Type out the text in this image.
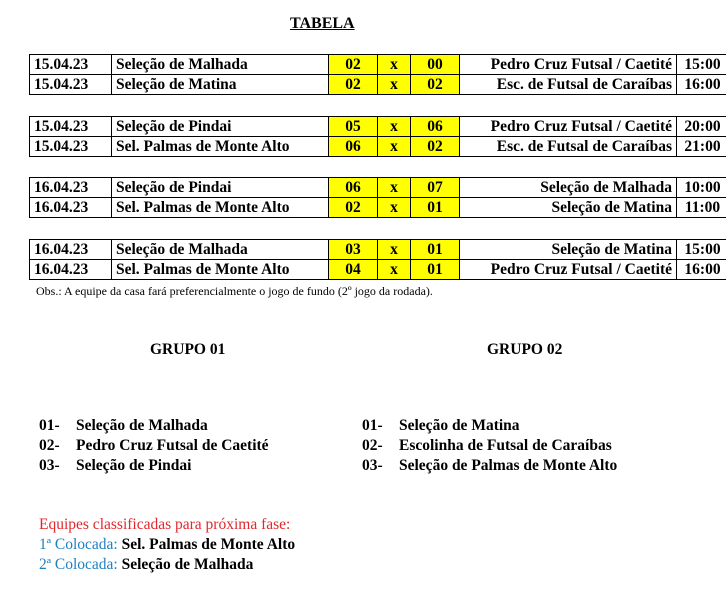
TABELA
15.04.23	Seleção de Malhada	02	x	00	Pedro Cruz Futsal / Caetité	15:00
15.04.23	Seleção de Matina	02	x	02	Esc. de Futsal de Caraíbas	16:00
15.04.23	Seleção de Pindai	05	x	06	Pedro Cruz Futsal / Caetité	20:00
15.04.23	Sel. Palmas de Monte Alto	06	x	02	Esc. de Futsal de Caraíbas	21:00
16.04.23	Seleção de Pindai	06	x	07	Seleção de Malhada	10:00
16.04.23	Sel. Palmas de Monte Alto	02	x	01	Seleção de Matina	11:00
16.04.23	Seleção de Malhada	03	x	01	Seleção de Matina	15:00
16.04.23	Sel. Palmas de Monte Alto	04	x	01	Pedro Cruz Futsal / Caetité	16:00
Obs.: A equipe da casa fará preferencialmente o jogo de fundo (2º jogo da rodada).
GRUPO 01	GRUPO 02
01- Seleção de Malhada
02- Pedro Cruz Futsal de Caetité
03- Seleção de Pindai
01- Seleção de Matina
02- Escolinha de Futsal de Caraíbas
03- Seleção de Palmas de Monte Alto
Equipes classificadas para próxima fase:
1ª Colocada: Sel. Palmas de Monte Alto
2ª Colocada: Seleção de Malhada
